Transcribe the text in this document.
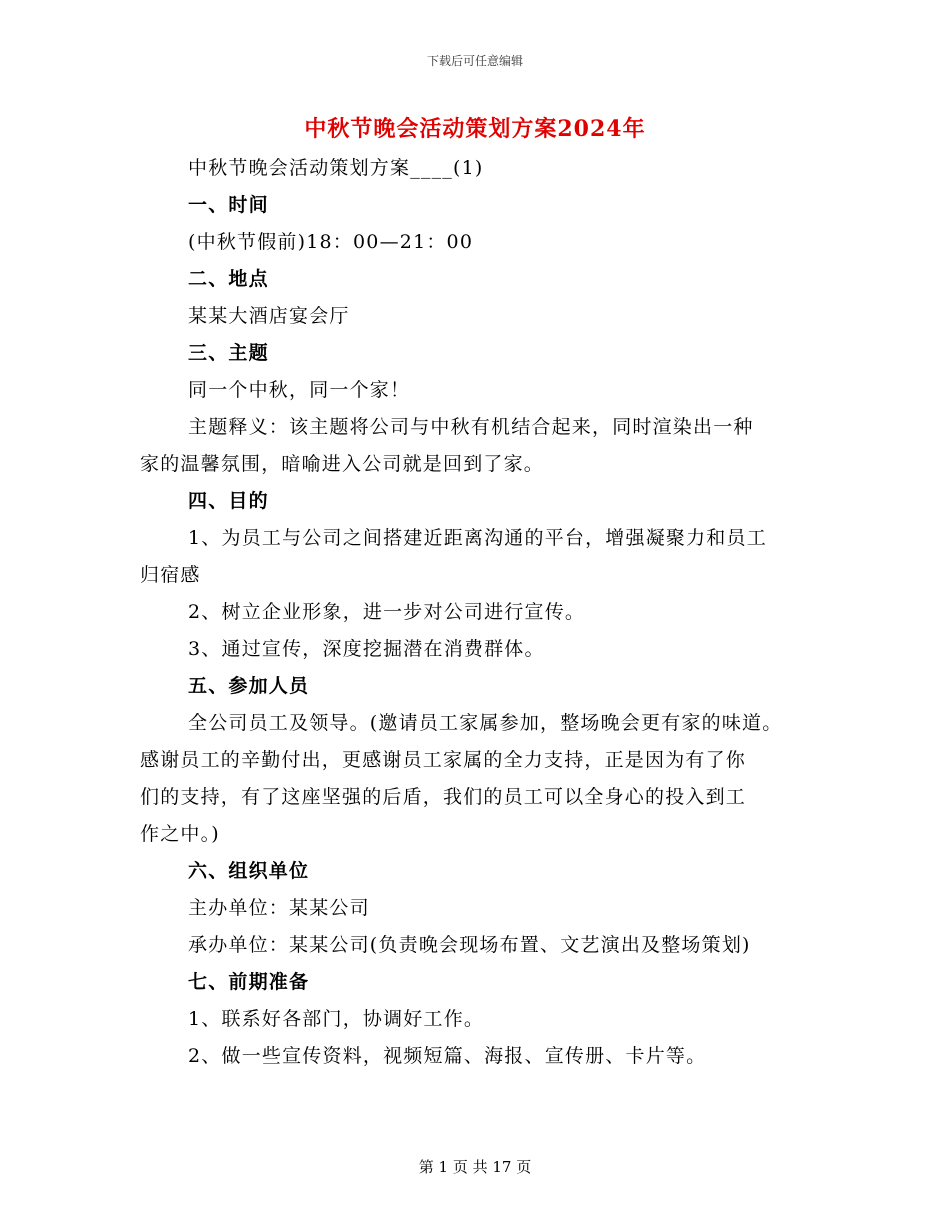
下载后可任意编辑
中秋节晚会活动策划方案2024年

中秋节晚会活动策划方案____(1)

一、时间

(中秋节假前)18：00—21：00

二、地点

某某大酒店宴会厅

三、主题

同一个中秋，同一个家！

主题释义：该主题将公司与中秋有机结合起来，同时渲染出一种

家的温馨氛围，暗喻进入公司就是回到了家。

四、目的

1、为员工与公司之间搭建近距离沟通的平台，增强凝聚力和员工

归宿感

2、树立企业形象，进一步对公司进行宣传。

3、通过宣传，深度挖掘潜在消费群体。

五、参加人员

全公司员工及领导。(邀请员工家属参加，整场晚会更有家的味道。

感谢员工的辛勤付出，更感谢员工家属的全力支持，正是因为有了你

们的支持，有了这座坚强的后盾，我们的员工可以全身心的投入到工

作之中。)

六、组织单位

主办单位：某某公司

承办单位：某某公司(负责晚会现场布置、文艺演出及整场策划)

七、前期准备

1、联系好各部门，协调好工作。

2、做一些宣传资料，视频短篇、海报、宣传册、卡片等。

第 1 页 共 17 页
